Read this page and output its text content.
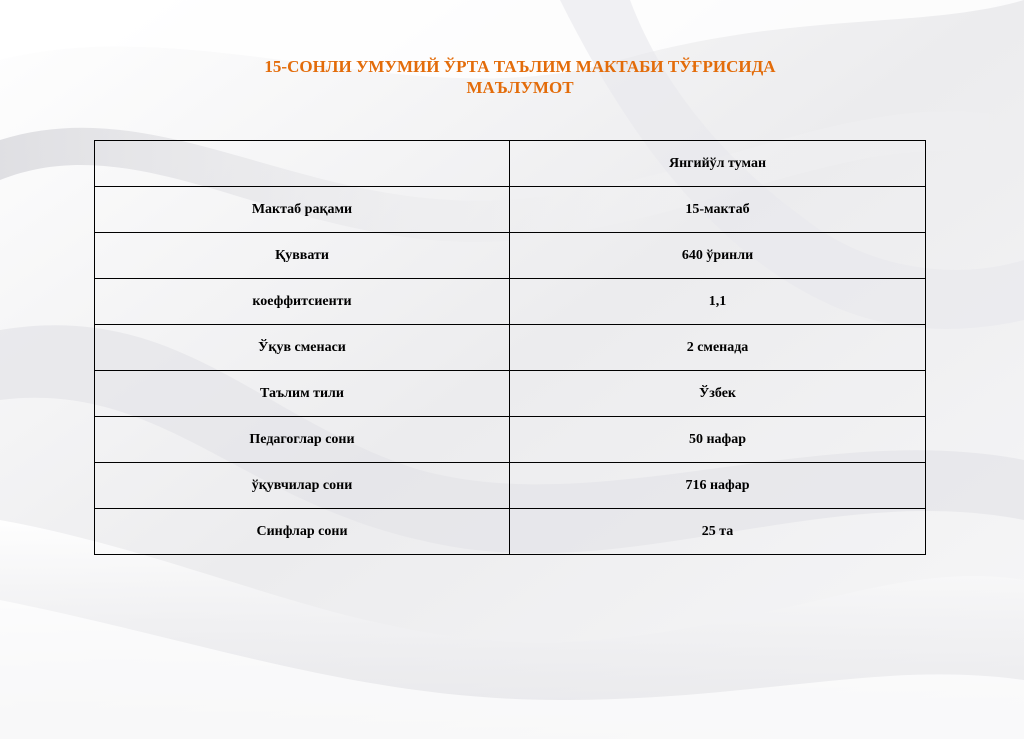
15-СОНЛИ УМУМИЙ ЎРТА ТАЪЛИМ МАКТАБИ ТЎҒРИСИДА
МАЪЛУМОТ
	Янгийўл туман
Мактаб рақами	15-мактаб
Қуввати	640 ўринли
коеффитсиенти	1,1
Ўқув сменаси	2 сменада
Таълим тили	Ўзбек
Педагоглар сони	50 нафар
ўқувчилар сони	716 нафар
Синфлар сони	25 та
